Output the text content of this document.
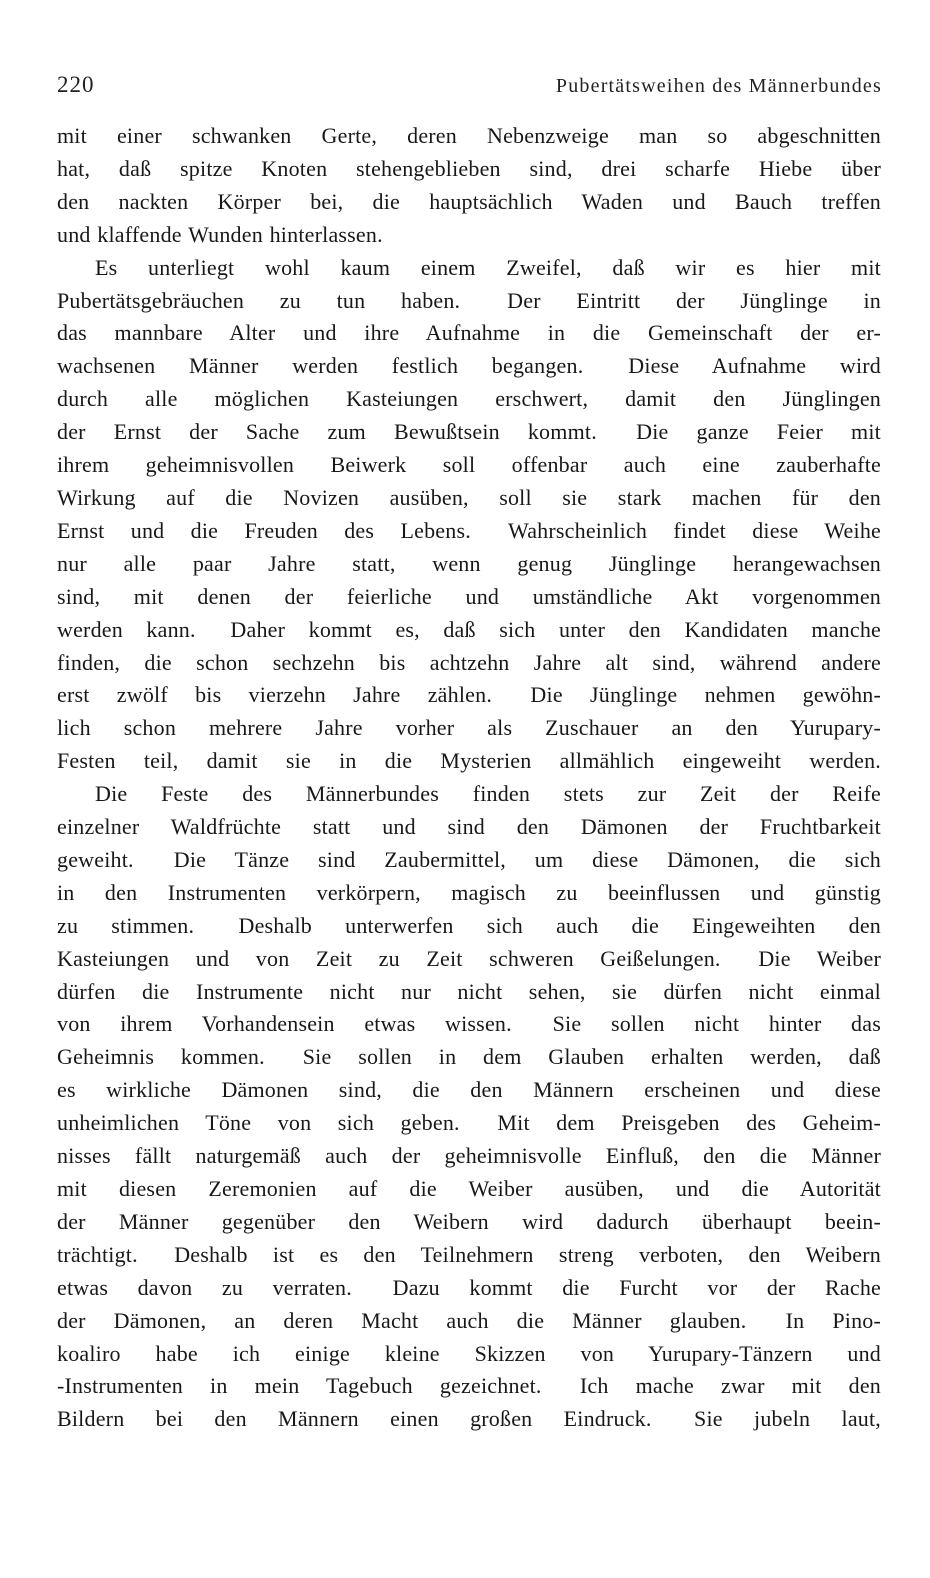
220	Pubertätsweihen des Männerbundes
mit einer schwanken Gerte, deren Nebenzweige man so abgeschnitten
hat, daß spitze Knoten stehengeblieben sind, drei scharfe Hiebe über
den nackten Körper bei, die hauptsächlich Waden und Bauch treffen
und klaffende Wunden hinterlassen.
Es unterliegt wohl kaum einem Zweifel, daß wir es hier mit
Pubertätsgebräuchen zu tun haben.  Der Eintritt der Jünglinge in
das mannbare Alter und ihre Aufnahme in die Gemeinschaft der er-
wachsenen Männer werden festlich begangen.  Diese Aufnahme wird
durch alle möglichen Kasteiungen erschwert, damit den Jünglingen
der Ernst der Sache zum Bewußtsein kommt.  Die ganze Feier mit
ihrem geheimnisvollen Beiwerk soll offenbar auch eine zauberhafte
Wirkung auf die Novizen ausüben, soll sie stark machen für den
Ernst und die Freuden des Lebens.  Wahrscheinlich findet diese Weihe
nur alle paar Jahre statt, wenn genug Jünglinge herangewachsen
sind, mit denen der feierliche und umständliche Akt vorgenommen
werden kann.  Daher kommt es, daß sich unter den Kandidaten manche
finden, die schon sechzehn bis achtzehn Jahre alt sind, während andere
erst zwölf bis vierzehn Jahre zählen.  Die Jünglinge nehmen gewöhn-
lich schon mehrere Jahre vorher als Zuschauer an den Yurupary-
Festen teil, damit sie in die Mysterien allmählich eingeweiht werden.
Die Feste des Männerbundes finden stets zur Zeit der Reife
einzelner Waldfrüchte statt und sind den Dämonen der Fruchtbarkeit
geweiht.  Die Tänze sind Zaubermittel, um diese Dämonen, die sich
in den Instrumenten verkörpern, magisch zu beeinflussen und günstig
zu stimmen.  Deshalb unterwerfen sich auch die Eingeweihten den
Kasteiungen und von Zeit zu Zeit schweren Geißelungen.  Die Weiber
dürfen die Instrumente nicht nur nicht sehen, sie dürfen nicht einmal
von ihrem Vorhandensein etwas wissen.  Sie sollen nicht hinter das
Geheimnis kommen.  Sie sollen in dem Glauben erhalten werden, daß
es wirkliche Dämonen sind, die den Männern erscheinen und diese
unheimlichen Töne von sich geben.  Mit dem Preisgeben des Geheim-
nisses fällt naturgemäß auch der geheimnisvolle Einfluß, den die Männer
mit diesen Zeremonien auf die Weiber ausüben, und die Autorität
der Männer gegenüber den Weibern wird dadurch überhaupt beein-
trächtigt.  Deshalb ist es den Teilnehmern streng verboten, den Weibern
etwas davon zu verraten.  Dazu kommt die Furcht vor der Rache
der Dämonen, an deren Macht auch die Männer glauben.  In Pino-
koaliro habe ich einige kleine Skizzen von Yurupary-Tänzern und
-Instrumenten in mein Tagebuch gezeichnet.  Ich mache zwar mit den
Bildern bei den Männern einen großen Eindruck.  Sie jubeln laut,
